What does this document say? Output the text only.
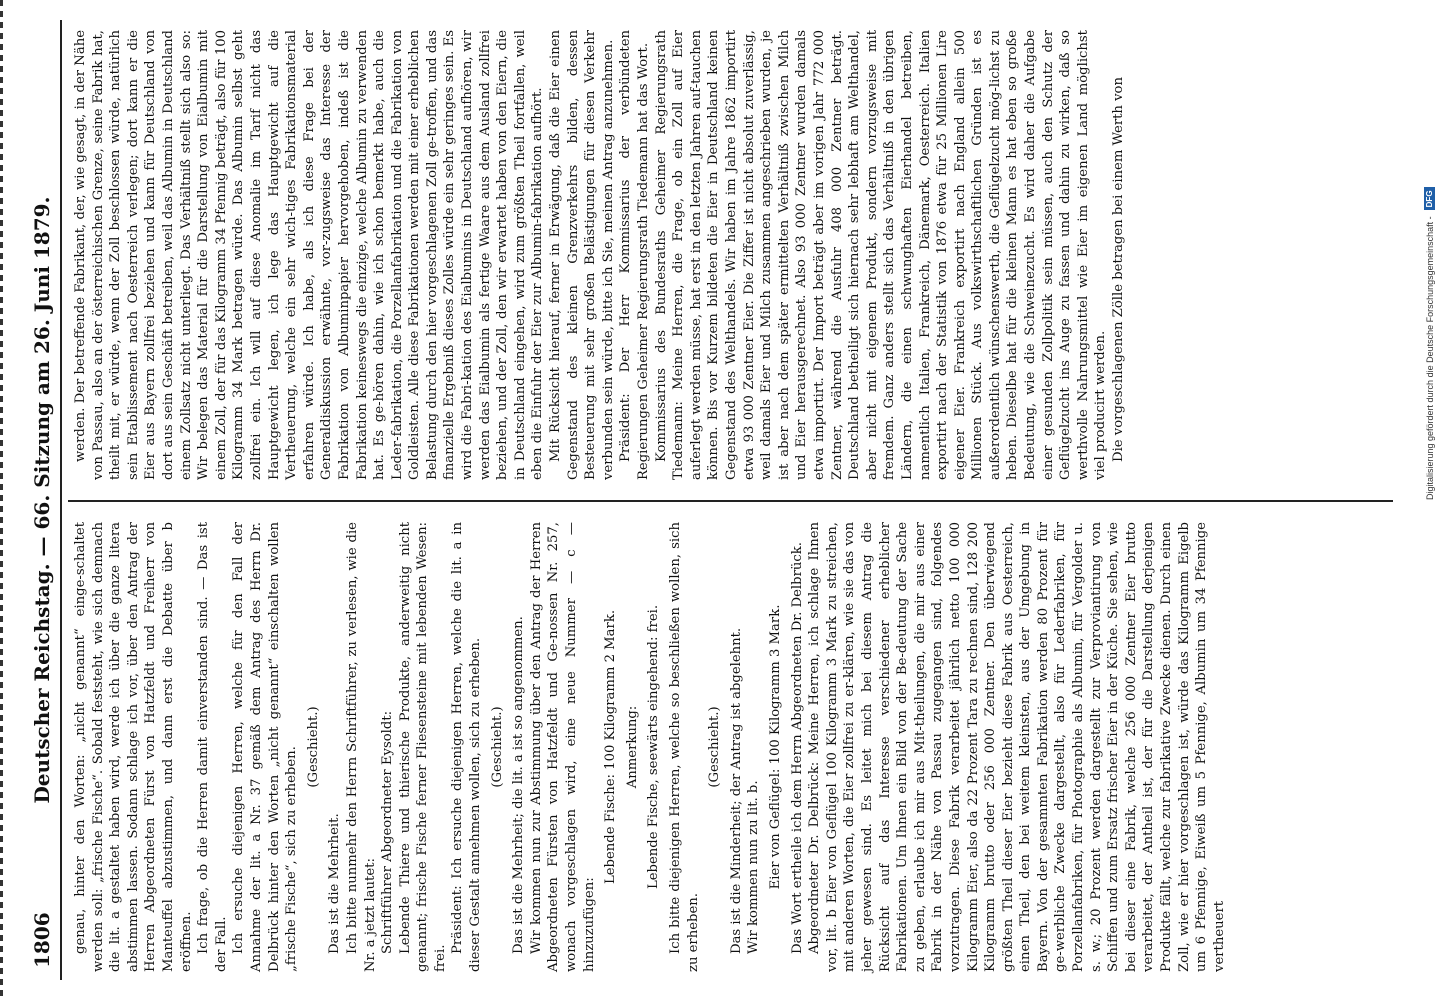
1806
Deutscher Reichstag. — 66. Sitzung am 26. Juni 1879. genau, hinter den Worten: „nicht genannt“ einge-schaltet werden soll: „frische Fische“. Sobald feststeht, wie sich demnach die lit. a gestaltet haben wird, werde ich über die ganze litera abstimmen lassen. Sodann schlage ich vor, über den Antrag der Herren Abgeordneten Fürst von Hatzfeldt und Freiherr von Manteuffel abzustimmen, und dann erst die Debatte über b eröffnen. Ich frage, ob die Herren damit einverstanden sind. — Das ist der Fall. Ich ersuche diejenigen Herren, welche für den Fall der Annahme der lit. a Nr. 37 gemäß dem Antrag des Herrn Dr. Delbrück hinter den Worten „nicht genannt“ einschalten wollen „frische Fische“, sich zu erheben. (Geschieht.)

Das ist die Mehrheit. Ich bitte nunmehr den Herrn Schriftführer, zu verlesen, wie die Nr. a jetzt lautet: Schriftführer Abgeordneter Eysoldt: Lebende Thiere und thierische Produkte, anderweitig nicht genannt; frische Fische ferner Fliesensteine mit lebenden Wesen: frei.

Präsident: Ich ersuche diejenigen Herren, welche die lit. a in dieser Gestalt annehmen wollen, sich zu erheben. (Geschieht.) Das ist die Mehrheit; die lit. a ist so angenommen. Wir kommen nun zur Abstimmung über den Antrag der Herren Abgeordneten Fürsten von Hatzfeldt und Ge-nossen Nr. 257, wonach vorgeschlagen wird, eine neue Nummer — c — hinzuzufügen:

Lebende Fische: 100 Kilogramm 2 Mark. Anmerkung: Lebende Fische, seewärts eingehend: frei. Ich bitte diejenigen Herren, welche so beschließen wollen, sich zu erheben.

(Geschieht.) Das ist die Minderheit; der Antrag ist abgelehnt. Wir kommen nun zu lit. b. Eier von Geflügel: 100 Kilogramm 3 Mark. Das Wort ertheile ich dem Herrn Abgeordneten Dr. Delbrück. Abgeordneter Dr. Delbrück: Meine Herren, ich schlage Ihnen vor, lit. b Eier von Geflügel 100 Kilogramm 3 Mark zu streichen, mit anderen Worten, die Eier zollfrei zu er-klären, wie sie das von jeher gewesen sind. Es leitet mich bei diesem Antrag die Rücksicht auf das Interesse verschiedener erheblicher Fabrikationen. Um Ihnen ein Bild von der Be-deutung der Sache zu geben, erlaube ich mir aus Mit-theilungen, die mir aus einer Fabrik in der Nähe von Passau zugegangen sind, folgendes vorzutragen. Diese Fabrik verarbeitet jährlich netto 100 000 Kilogramm Eier, also da 22 Prozent Tara zu rechnen sind, 128 200 Kilogramm brutto oder 256 000 Zentner. Den überwiegend größten Theil dieser Eier bezieht diese Fabrik aus Oesterreich, einen Theil, den bei weitem kleinsten, aus der Umgebung in Bayern. Von der gesammten Fabrikation werden 80 Prozent für ge-werbliche Zwecke dargestellt, also für Lederfabriken, für Porzellanfabriken, für Photographie als Albumin, für Vergolder u. s. w.; 20 Prozent werden dargestellt zur Verproviantirung von Schiffen und zum Ersatz frischer Eier in der Küche. Sie sehen, wie bei dieser eine Fabrik, welche 256 000 Zentner Eier brutto verarbeitet, der Antheil ist, der für die Darstellung derjenigen Produkte fällt, welche zur fabrikative Zwecke dienen. Durch einen Zoll, wie er hier vorgeschlagen ist, würde das Kilogramm Eigelb um 6 Pfennige, Eiweiß um 5 Pfennige, Albumin um 34 Pfennige vertheuert

werden. Der betreffende Fabrikant, der, wie gesagt, in der Nähe von Passau, also an der österreichischen Grenze, seine Fabrik hat, theilt mit, er würde, wenn der Zoll beschlossen würde, natürlich sein Etablissement nach Oesterreich verlegen; dort kann er die Eier aus Bayern zollfrei beziehen und kann für Deutschland von dort aus sein Geschäft betreiben, weil das Albumin in Deutschland einem Zollsatz nicht unterliegt. Das Verhältniß stellt sich also so: Wir belegen das Material für die Darstellung von Eialbumin mit einem Zoll, der für das Kilogramm 34 Pfennig beträgt, also für 100 Kilogramm 34 Mark betragen würde. Das Albumin selbst geht zollfrei ein. Ich will auf diese Anomalie im Tarif nicht das Hauptgewicht legen, ich lege das Hauptgewicht auf die Vertheuerung, welche ein sehr wich-tiges Fabrikationsmaterial erfahren würde. Ich habe, als ich diese Frage bei der Generaldiskussion erwähnte, vor-zugsweise das Interesse der Fabrikation von Albuminpapier hervorgehoben, indeß ist die Fabrikation keineswegs die einzige, welche Albumin zu verwenden hat. Es ge-hören dahin, wie ich schon bemerkt habe, auch die Leder-fabrikation, die Porzellanfabrikation und die Fabrikation von Goldleisten. Alle diese Fabrikationen werden mit einer erheblichen Belastung durch den hier vorgeschlagenen Zoll ge-troffen, und das finanzielle Ergebniß dieses Zolles würde ein sehr geringes sein. Es wird die Fabri-kation des Eialbumins in Deutschland aufhören, wir werden das Eialbumin als fertige Waare aus dem Ausland zollfrei beziehen, und der Zoll, den wir erwartet haben von den Eiern, die in Deutschland eingehen, wird zum größten Theil fortfallen, weil eben die Einfuhr der Eier zur Albumin-fabrikation aufhört. Mit Rücksicht hierauf, ferner in Erwägung, daß die Eier einen Gegenstand des kleinen Grenzverkehrs bilden, dessen Besteuerung mit sehr großen Belästigungen für diesen Verkehr verbunden sein würde, bitte ich Sie, meinen Antrag anzunehmen. Präsident: Der Herr Kommissarius der verbündeten Regierungen Geheimer Regierungsrath Tiedemann hat das Wort. Kommissarius des Bundesraths Geheimer Regierungsrath Tiedemann: Meine Herren, die Frage, ob ein Zoll auf Eier auferlegt werden müsse, hat erst in den letzten Jahren auf-tauchen können. Bis vor Kurzem bildeten die Eier in Deutschland keinen Gegenstand des Welthandels. Wir haben im Jahre 1862 importirt etwa 93 000 Zentner Eier. Die Ziffer ist nicht absolut zuverlässig, weil damals Eier und Milch zusammen angeschrieben wurden, je ist aber nach dem später ermittelten Verhältniß zwischen Milch und Eier herausgerechnet. Also 93 000 Zentner wurden damals etwa importirt. Der Import beträgt aber im vorigen Jahr 772 000 Zentner, während die Ausfuhr 408 000 Zentner beträgt. Deutschland betheiligt sich hiernach sehr lebhaft am Welthandel, aber nicht mit eigenem Produkt, sondern vorzugsweise mit fremdem. Ganz anders stellt sich das Verhältniß in den übrigen Ländern, die einen schwunghaften Eierhandel betreiben, namentlich Italien, Frankreich, Dänemark, Oesterreich. Italien exportirt nach der Statistik von 1876 etwa für 25 Millionen Lire eigener Eier. Frankreich exportirt nach England allein 500 Millionen Stück. Aus volkswirthschaftlichen Gründen ist es außerordentlich wünschenswerth, die Geflügelzucht mög-lichst zu heben. Dieselbe hat für die kleinen Mann es hat eben so große Bedeutung, wie die Schweinezucht. Es wird daher die Aufgabe einer gesunden Zollpolitik sein müssen, auch den Schutz der Geflügelzucht ins Auge zu fassen und dahin zu wirken, daß so werthvolle Nahrungsmittel wie Eier im eigenen Land möglichst viel producirt werden. Die vorgeschlagenen Zölle betragen bei einem Werth von	Digitalisierung gefördert durch die Deutsche Forschungsgemeinschaft -
DFG
